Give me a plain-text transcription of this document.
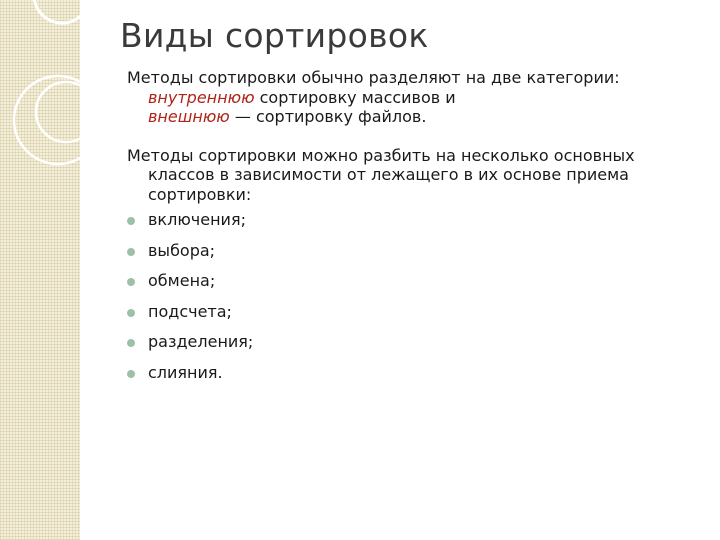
Виды сортировок

Методы сортировки обычно разделяют на две категории:
внутреннюю сортировку массивов и
внешнюю — сортировку файлов.

Методы сортировки можно разбить на несколько основных
классов в зависимости от лежащего в их основе приема
сортировки:

включения;
выбора;
обмена;
подсчета;
разделения;
слияния.
